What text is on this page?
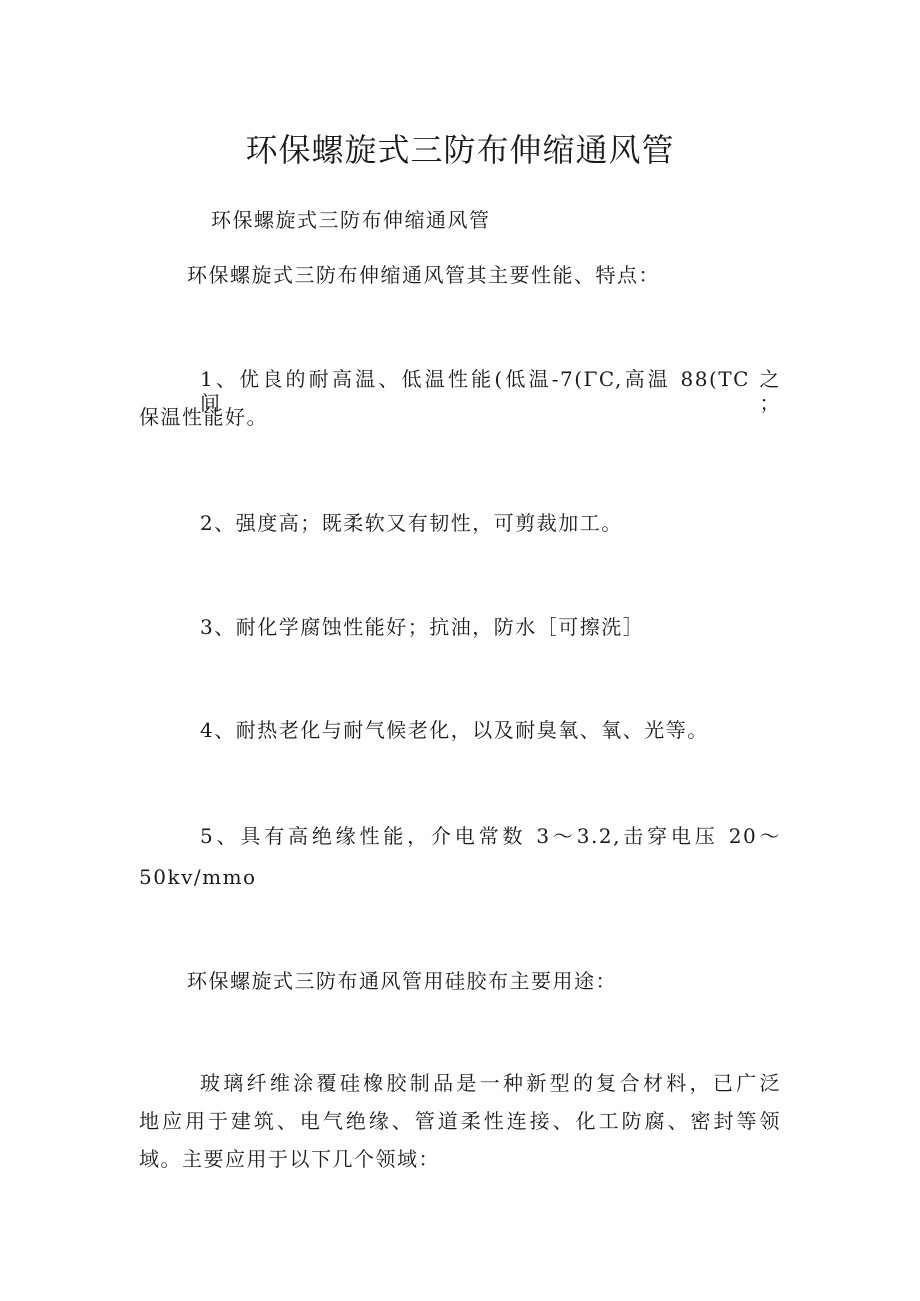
环保螺旋式三防布伸缩通风管
环保螺旋式三防布伸缩通风管
环保螺旋式三防布伸缩通风管其主要性能、特点：
1、优良的耐高温、低温性能(低温-7(ΓC,高温 88(TC 之间；
保温性能好。
2、强度高；既柔软又有韧性，可剪裁加工。
3、耐化学腐蚀性能好；抗油，防水［可擦洗］
4、耐热老化与耐气候老化，以及耐臭氧、氧、光等。
5、具有高绝缘性能，介电常数 3～3.2,击穿电压 20～
50kv/mmo
环保螺旋式三防布通风管用硅胶布主要用途：
玻璃纤维涂覆硅橡胶制品是一种新型的复合材料，已广泛
地应用于建筑、电气绝缘、管道柔性连接、化工防腐、密封等领
域。主要应用于以下几个领域：
